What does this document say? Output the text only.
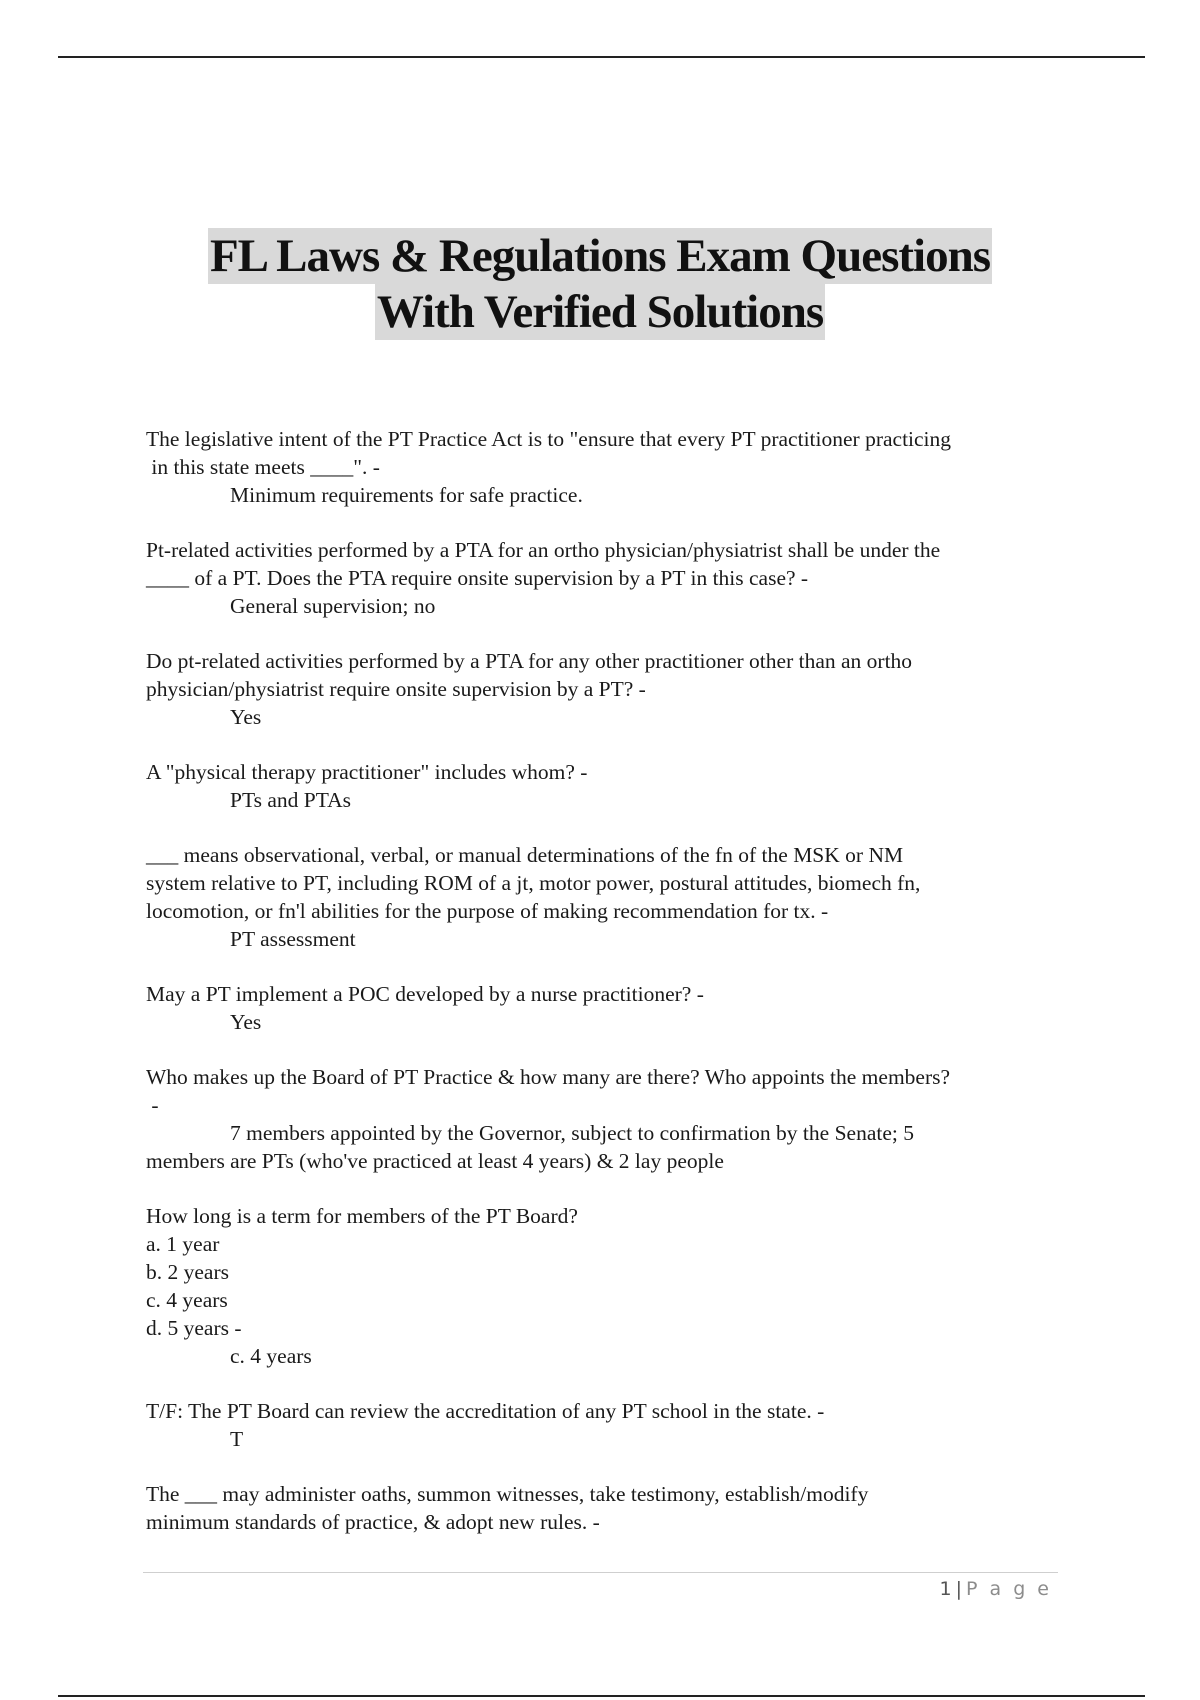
FL Laws & Regulations Exam Questions
With Verified Solutions
The legislative intent of the PT Practice Act is to "ensure that every PT practitioner practicing
in this state meets ____". -
Minimum requirements for safe practice.
Pt-related activities performed by a PTA for an ortho physician/physiatrist shall be under the
____ of a PT. Does the PTA require onsite supervision by a PT in this case? -
General supervision; no
Do pt-related activities performed by a PTA for any other practitioner other than an ortho
physician/physiatrist require onsite supervision by a PT? -
Yes
A "physical therapy practitioner" includes whom? -
PTs and PTAs
___ means observational, verbal, or manual determinations of the fn of the MSK or NM
system relative to PT, including ROM of a jt, motor power, postural attitudes, biomech fn,
locomotion, or fn'l abilities for the purpose of making recommendation for tx. -
PT assessment
May a PT implement a POC developed by a nurse practitioner? -
Yes
Who makes up the Board of PT Practice & how many are there? Who appoints the members?
-
7 members appointed by the Governor, subject to confirmation by the Senate; 5
members are PTs (who've practiced at least 4 years) & 2 lay people
How long is a term for members of the PT Board?
a. 1 year
b. 2 years
c. 4 years
d. 5 years -
c. 4 years
T/F: The PT Board can review the accreditation of any PT school in the state. -
T
The ___ may administer oaths, summon witnesses, take testimony, establish/modify
minimum standards of practice, & adopt new rules. -
1 | P a g e
